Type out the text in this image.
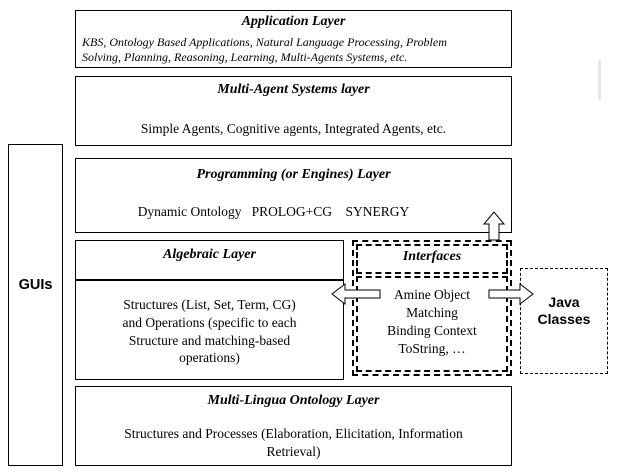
GUIs
Application Layer
KBS, Ontology Based Applications, Natural Language Processing, Problem
Solving, Planning, Reasoning, Learning, Multi-Agents Systems, etc.
Multi-Agent Systems layer
Simple Agents, Cognitive agents, Integrated Agents, etc.
Programming (or Engines) Layer
Dynamic Ontology   PROLOG+CG    SYNERGY
Algebraic Layer
Structures (List, Set, Term, CG)
and Operations (specific to each
Structure and matching-based
operations)
Interfaces
Amine Object
Matching
Binding Context
ToString, …
Java
Classes
Multi-Lingua Ontology Layer
Structures and Processes (Elaboration, Elicitation, Information
Retrieval)
